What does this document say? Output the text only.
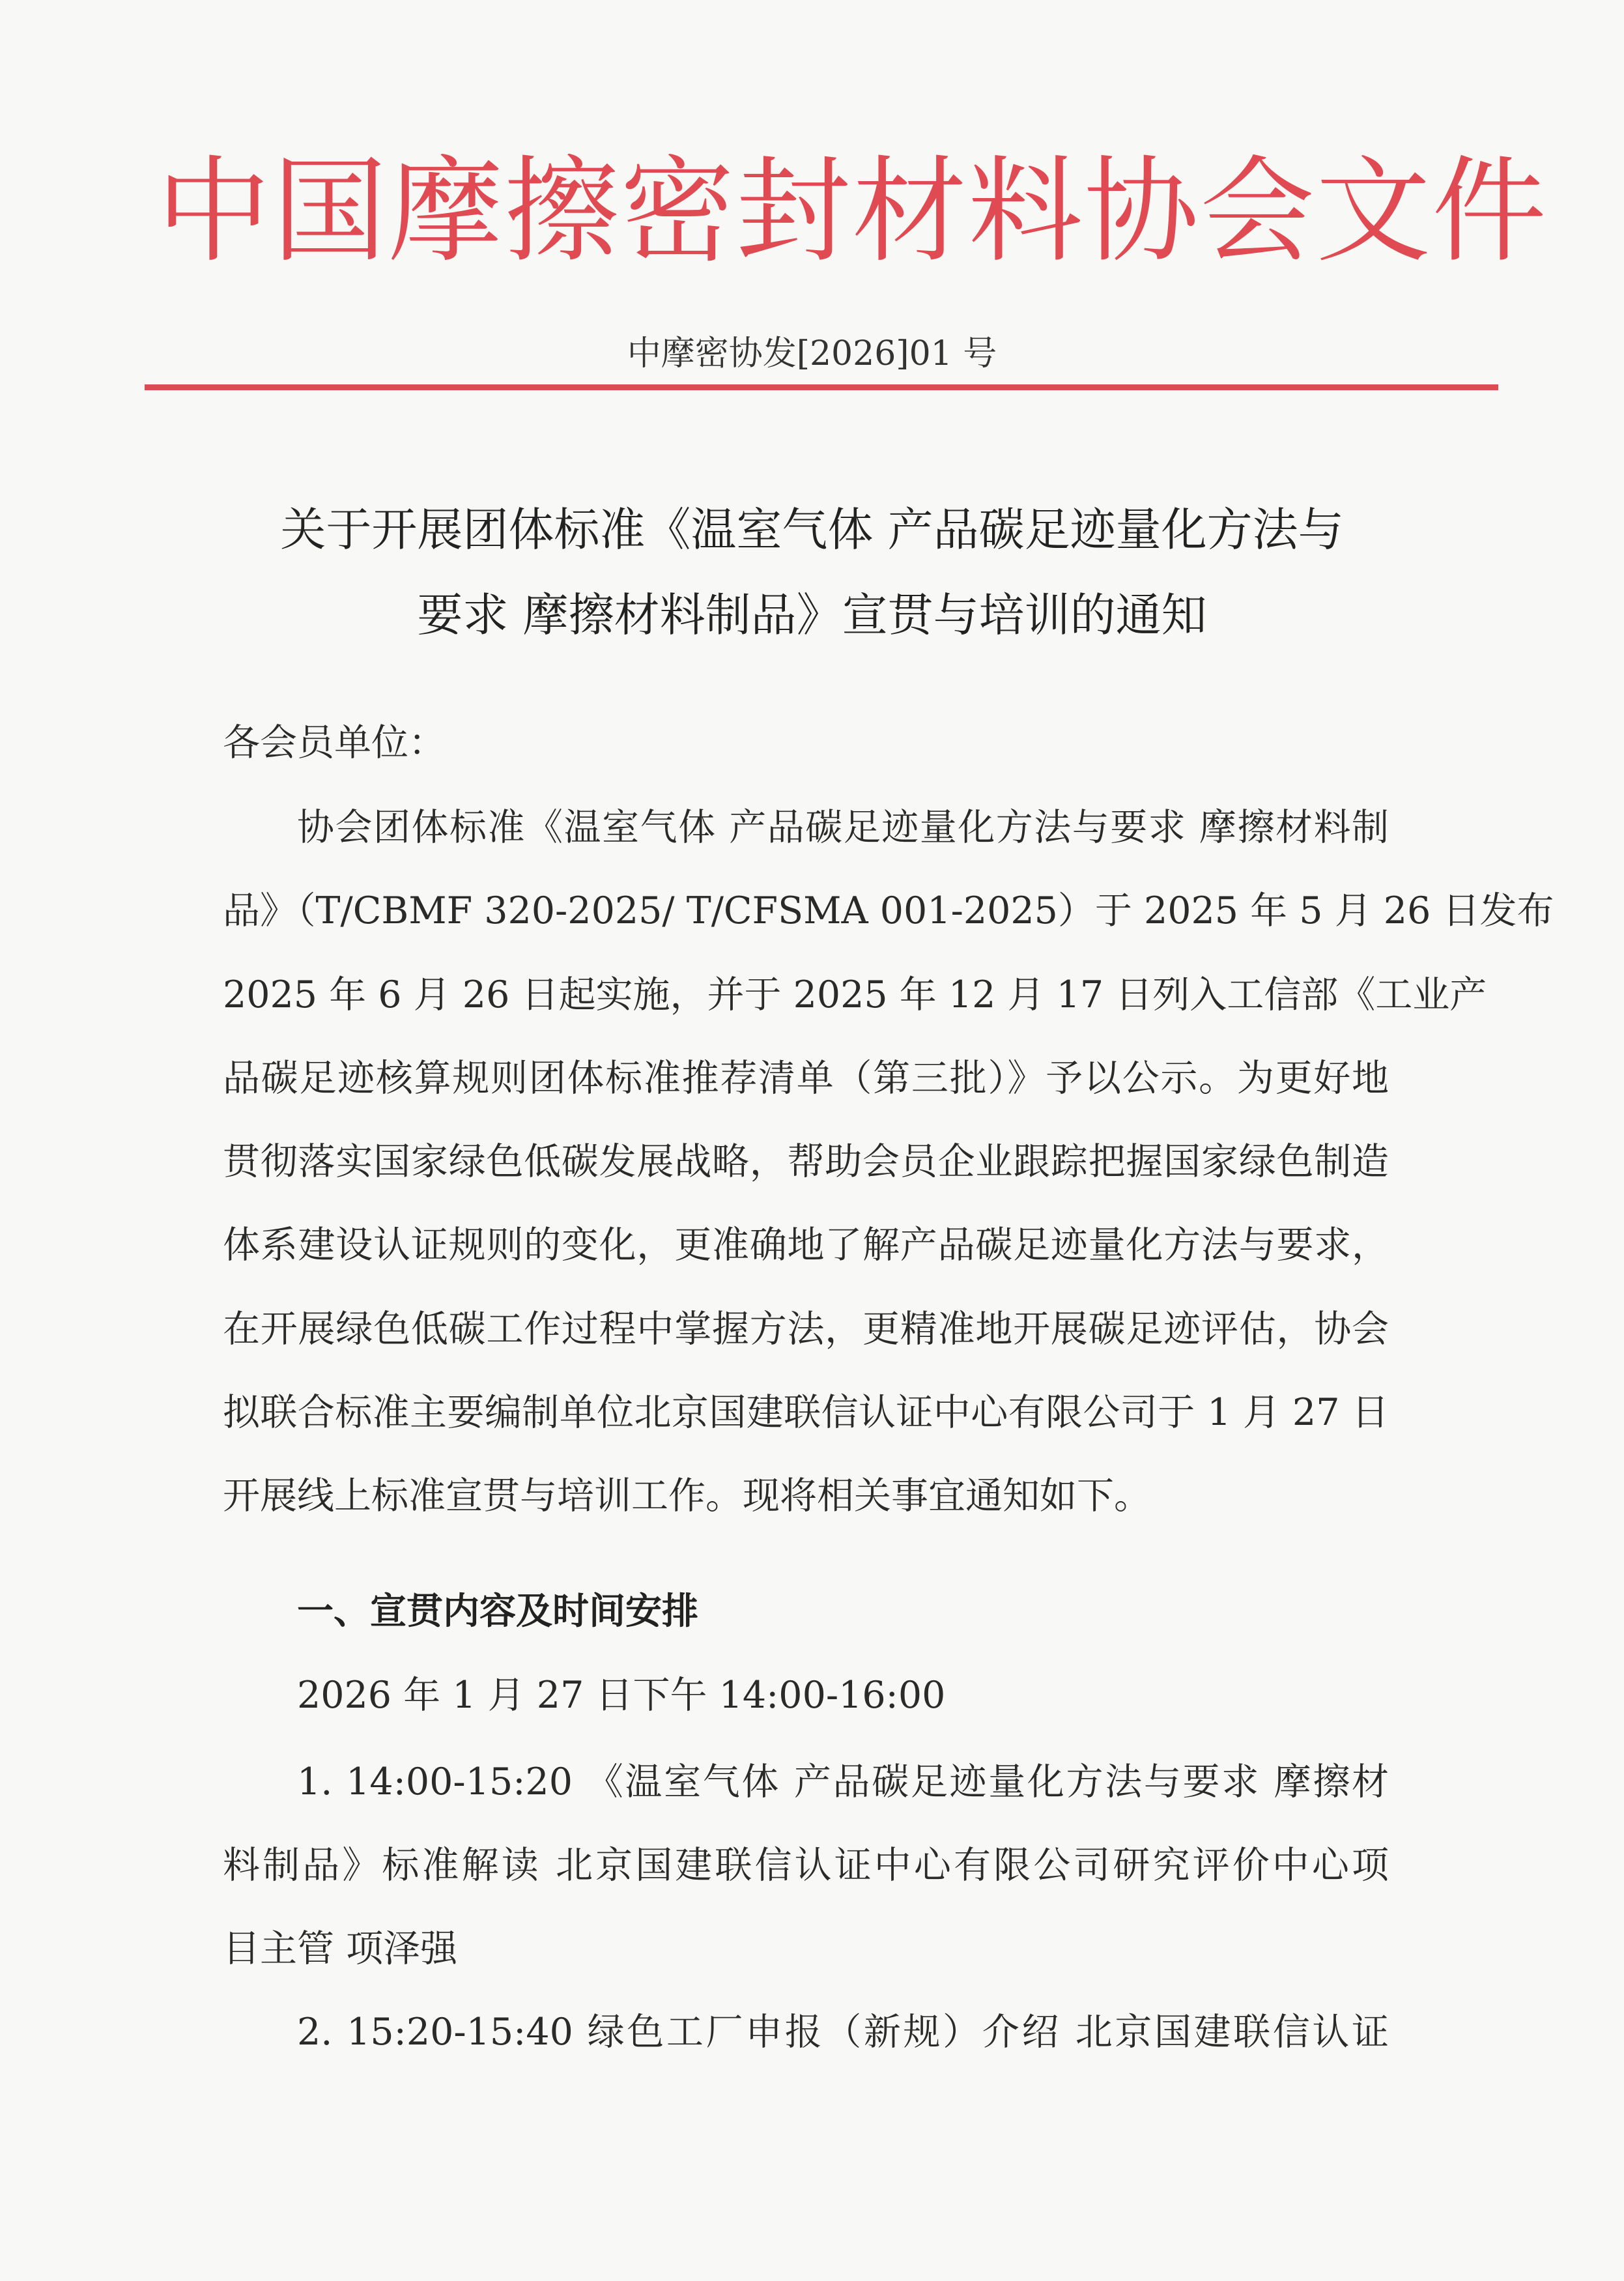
中国摩擦密封材料协会文件
中摩密协发[2026]01 号
关于开展团体标准《温室气体 产品碳足迹量化方法与
要求 摩擦材料制品》宣贯与培训的通知
各会员单位：
协会团体标准《温室气体 产品碳足迹量化方法与要求 摩擦材料制
品》（T/CBMF 320-2025/ T/CFSMA 001-2025）于 2025 年 5 月 26 日发布
2025 年 6 月 26 日起实施，并于 2025 年 12 月 17 日列入工信部《工业产
品碳足迹核算规则团体标准推荐清单（第三批）》予以公示。为更好地
贯彻落实国家绿色低碳发展战略，帮助会员企业跟踪把握国家绿色制造
体系建设认证规则的变化，更准确地了解产品碳足迹量化方法与要求，
在开展绿色低碳工作过程中掌握方法，更精准地开展碳足迹评估，协会
拟联合标准主要编制单位北京国建联信认证中心有限公司于 1 月 27 日
开展线上标准宣贯与培训工作。现将相关事宜通知如下。
一、宣贯内容及时间安排
2026 年 1 月 27 日下午 14:00-16:00
1. 14:00-15:20 《温室气体 产品碳足迹量化方法与要求 摩擦材
料制品》标准解读 北京国建联信认证中心有限公司研究评价中心项
目主管 项泽强
2. 15:20-15:40 绿色工厂申报（新规）介绍 北京国建联信认证
